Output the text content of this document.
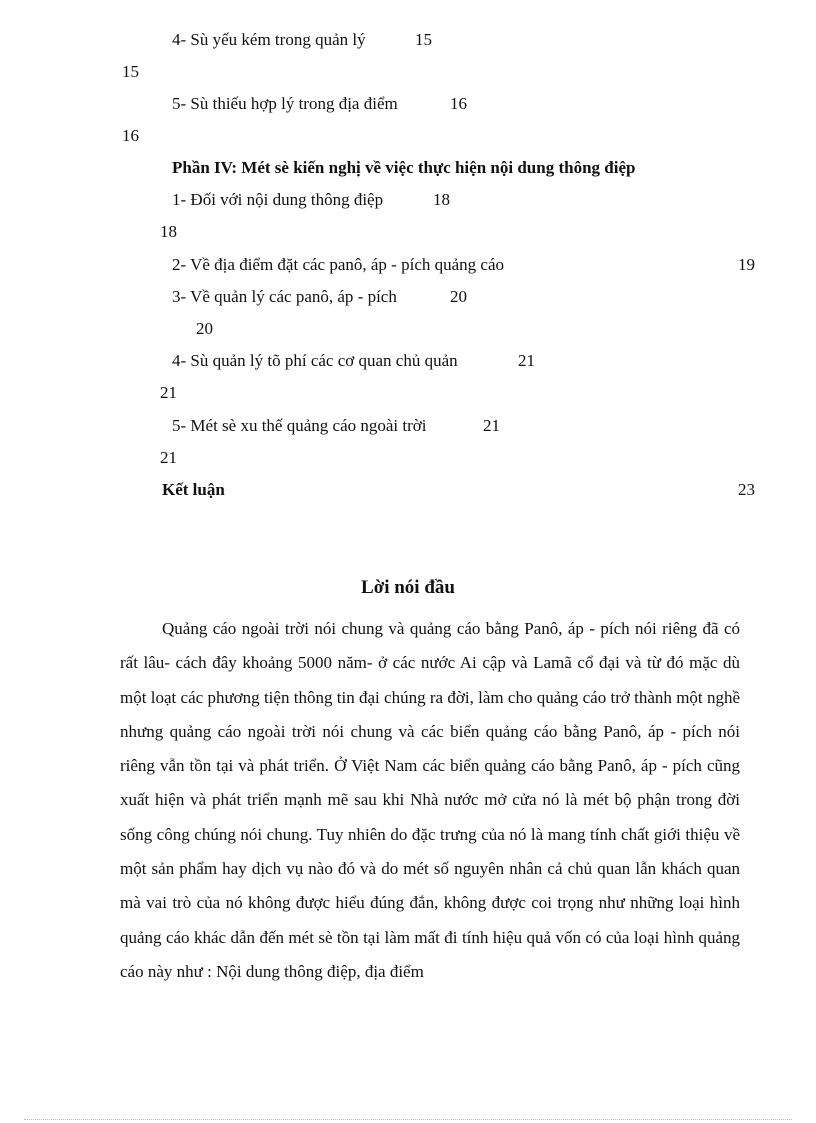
4- Sù yếu kém trong quản lý	15
15
5- Sù thiếu hợp lý trong địa điểm	16
16
Phần IV: Mét sè kiến nghị về việc thực hiện nội dung thông điệp
1- Đối với nội dung thông điệp	18
18
2- Về địa điểm đặt các panô, áp - pích quảng cáo	19
3- Về quản lý các panô, áp - pích	20
20
4- Sù quản lý tõ phí các cơ quan chủ quản	21
21
5- Mét sè xu thế quảng cáo ngoài trời	21
21
Kết luận	23
Lời nói đầu

Quảng cáo ngoài trời nói chung và quảng cáo bằng Panô, áp - pích nói riêng đã có rất lâu- cách đây khoảng 5000 năm- ở các nước Ai cập và Lamã cổ đại và từ đó mặc dù một loạt các phương tiện thông tin đại chúng ra đời, làm cho quảng cáo trở thành một nghề nhưng quảng cáo ngoài trời nói chung và các biển quảng cáo bằng Panô, áp - pích nói riêng vẫn tồn tại và phát triển. Ở Việt Nam các biển quảng cáo bằng Panô, áp - pích cũng xuất hiện và phát triển mạnh mẽ sau khi Nhà nước mở cửa nó là mét bộ phận trong đời sống công chúng nói chung. Tuy nhiên do đặc trưng của nó là mang tính chất giới thiệu về một sản phẩm hay dịch vụ nào đó và do mét số nguyên nhân cả chủ quan lẫn khách quan mà vai trò của nó không được hiểu đúng đắn, không được coi trọng như những loại hình quảng cáo khác dẫn đến mét sè tồn tại làm mất đi tính hiệu quả vốn có của loại hình quảng cáo này như : Nội dung thông điệp, địa điểm
